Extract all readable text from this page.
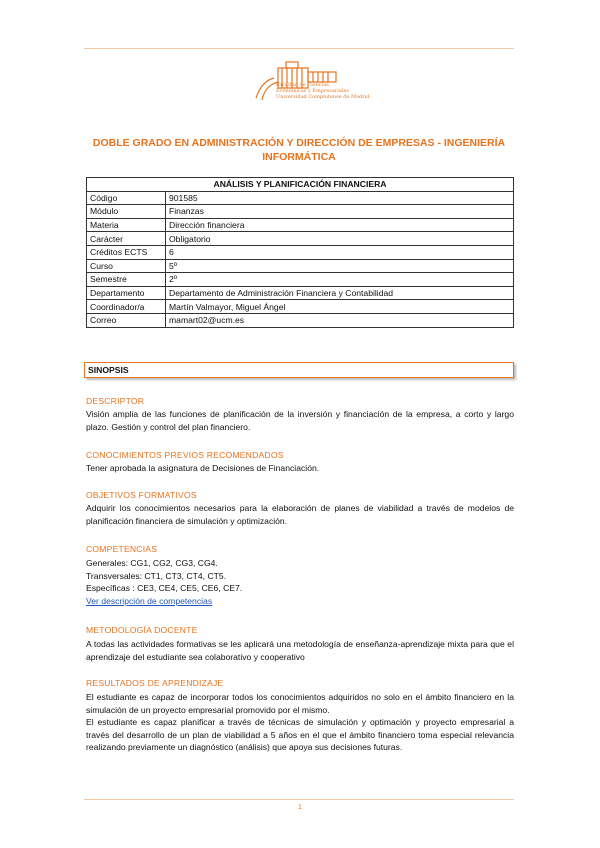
Facultad de Ciencias
Económicas y Empresariales
Universidad Complutense de Madrid
DOBLE GRADO EN ADMINISTRACIÓN Y DIRECCIÓN DE EMPRESAS - INGENIERÍA INFORMÁTICA
ANÁLISIS Y PLANIFICACIÓN FINANCIERA	
Código	901585
Módulo	Finanzas
Materia	Dirección financiera
Carácter	Obligatorio
Créditos ECTS	6
Curso	5º
Semestre	2º
Departamento	Departamento de Administración Financiera y Contabilidad
Coordinador/a	Martín Valmayor, Miguel Ángel
Correo	mamart02@ucm.es
SINOPSIS
DESCRIPTOR
Visión amplia de las funciones de planificación de la inversión y financiación de la empresa, a corto y largo plazo. Gestión y control del plan financiero.
CONOCIMIENTOS PREVIOS RECOMENDADOS
Tener aprobada la asignatura de Decisiones de Financiación.
OBJETIVOS FORMATIVOS
Adquirir los conocimientos necesarios para la elaboración de planes de viabilidad a través de modelos de planificación financiera de simulación y optimización.
COMPETENCIAS

Generales: CG1, CG2, CG3, CG4.

Transversales: CT1, CT3, CT4, CT5.

Específicas : CE3, CE4, CE5, CE6, CE7.

Ver descripción de competencias

METODOLOGÍA DOCENTE
A todas las actividades formativas se les aplicará una metodología de enseñanza-aprendizaje mixta para que el aprendizaje del estudiante sea colaborativo y cooperativo
RESULTADOS DE APRENDIZAJE

El estudiante es capaz de incorporar todos los conocimientos adquiridos no solo en el ámbito financiero en la simulación de un proyecto empresarial promovido por el mismo.

El estudiante es capaz planificar a través de técnicas de simulación y optimación y proyecto empresarial a través del desarrollo de un plan de viabilidad a 5 años en el que el ámbito financiero toma especial relevancia realizando previamente un diagnóstico (análisis) que apoya sus decisiones futuras.

1
